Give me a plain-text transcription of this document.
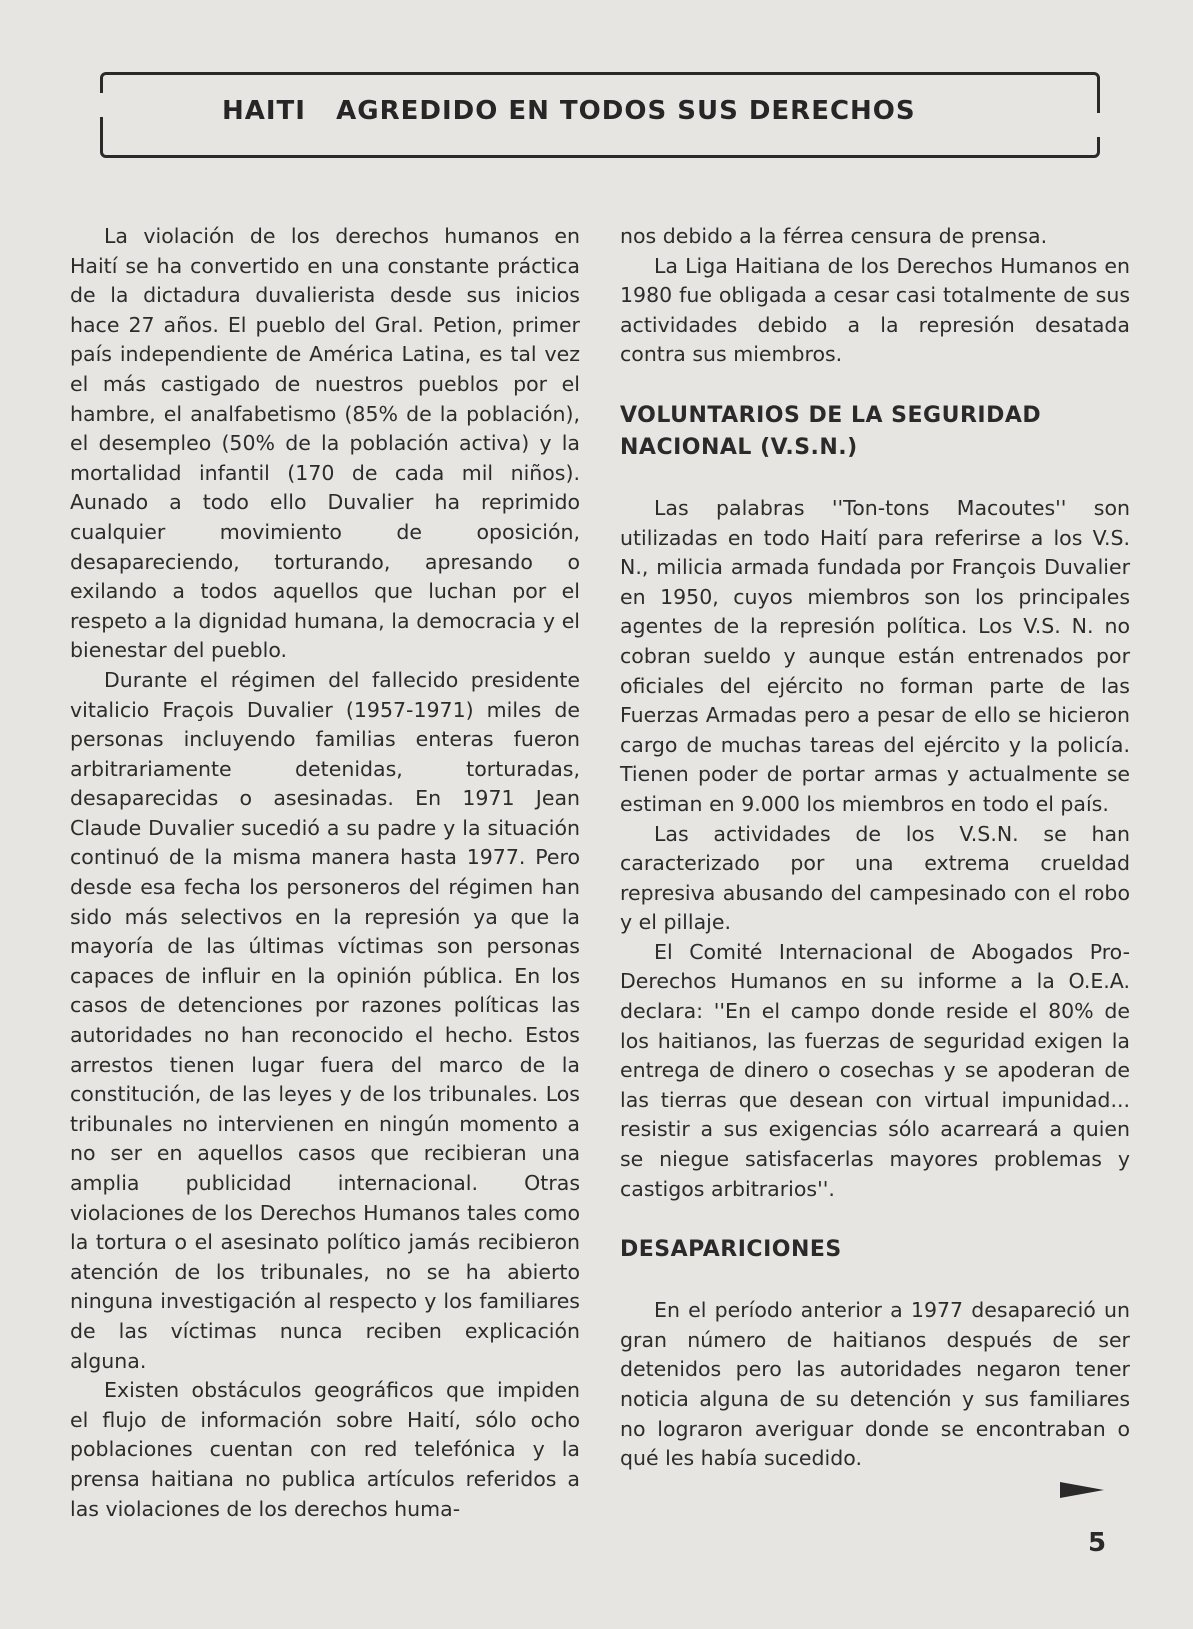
HAITI   AGREDIDO EN TODOS SUS DERECHOS

La violación de los derechos humanos en Haití se ha convertido en una constante práctica de la dictadura duvalierista desde sus inicios hace 27 años. El pueblo del Gral. Petion, primer país independiente de América Latina, es tal vez el más castigado de nuestros pueblos por el hambre, el analfabetismo (85% de la población), el desempleo (50% de la población activa) y la mortalidad infantil (170 de cada mil niños). Aunado a todo ello Duvalier ha reprimido cualquier movimiento de oposición, desapareciendo, torturando, apresando o exilando a todos aquellos que luchan por el respeto a la dignidad humana, la democracia y el bienestar del pueblo.

Durante el régimen del fallecido presidente vitalicio Fraçois Duvalier (1957-1971) miles de personas incluyendo familias enteras fueron arbitrariamente detenidas, torturadas, desaparecidas o asesinadas. En 1971 Jean Claude Duvalier sucedió a su padre y la situación continuó de la misma manera hasta 1977. Pero desde esa fecha los personeros del régimen han sido más selectivos en la represión ya que la mayoría de las últimas víctimas son personas capaces de influir en la opinión pública. En los casos de detenciones por razones políticas las autoridades no han reconocido el hecho. Estos arrestos tienen lugar fuera del marco de la constitución, de las leyes y de los tribunales. Los tribunales no intervienen en ningún momento a no ser en aquellos casos que recibieran una amplia publicidad internacional. Otras violaciones de los Derechos Humanos tales como la tortura o el asesinato político jamás recibieron atención de los tribunales, no se ha abierto ninguna investigación al respecto y los familiares de las víctimas nunca reciben explicación alguna.

Existen obstáculos geográficos que impiden el flujo de información sobre Haití, sólo ocho poblaciones cuentan con red telefónica y la prensa haitiana no publica artículos referidos a las violaciones de los derechos huma-

nos debido a la férrea censura de prensa.

La Liga Haitiana de los Derechos Humanos en 1980 fue obligada a cesar casi totalmente de sus actividades debido a la represión desatada contra sus miembros.

VOLUNTARIOS DE LA SEGURIDAD NACIONAL (V.S.N.)

Las palabras ''Ton-tons Macoutes'' son utilizadas en todo Haití para referirse a los V.S. N., milicia armada fundada por François Duvalier en 1950, cuyos miembros son los principales agentes de la represión política. Los V.S. N. no cobran sueldo y aunque están entrenados por oficiales del ejército no forman parte de las Fuerzas Armadas pero a pesar de ello se hicieron cargo de muchas tareas del ejército y la policía. Tienen poder de portar armas y actualmente se estiman en 9.000 los miembros en todo el país.

Las actividades de los V.S.N. se han caracterizado por una extrema crueldad represiva abusando del campesinado con el robo y el pillaje.

El Comité Internacional de Abogados Pro-Derechos Humanos en su informe a la O.E.A. declara: ''En el campo donde reside el 80% de los haitianos, las fuerzas de seguridad exigen la entrega de dinero o cosechas y se apoderan de las tierras que desean con virtual impunidad... resistir a sus exigencias sólo acarreará a quien se niegue satisfacerlas mayores problemas y castigos arbitrarios''.

DESAPARICIONES

En el período anterior a 1977 desapareció un gran número de haitianos después de ser detenidos pero las autoridades negaron tener noticia alguna de su detención y sus familiares no lograron averiguar donde se encontraban o qué les había sucedido.

5
